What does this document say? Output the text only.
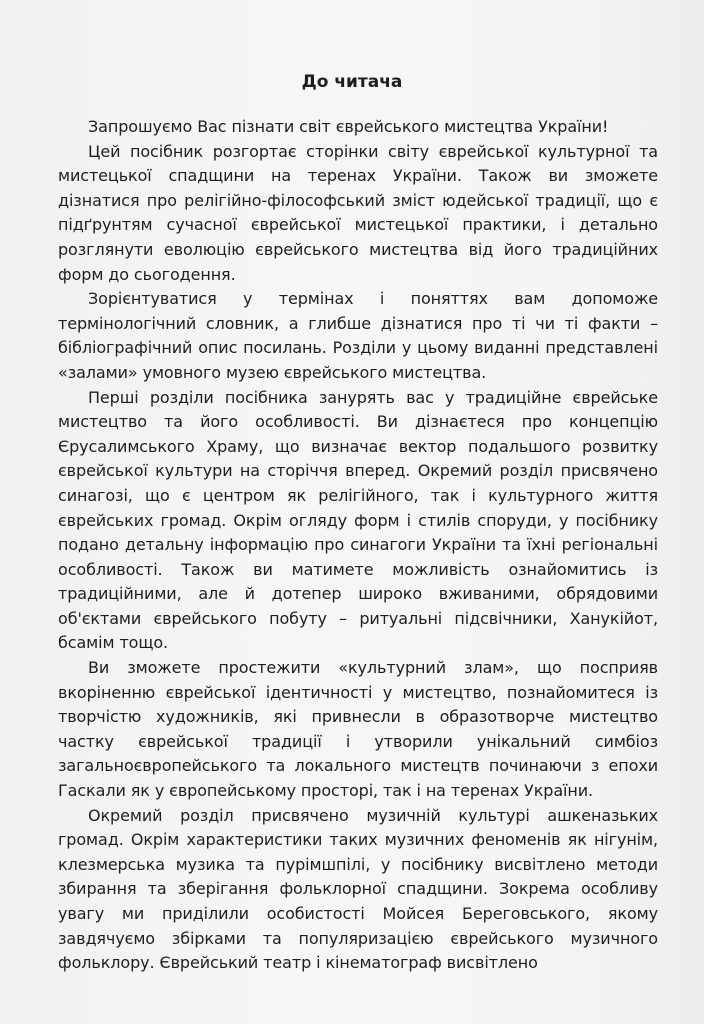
До читача

Запрошуємо Вас пізнати світ єврейського мистецтва України!

Цей посібник розгортає сторінки світу єврейської культурної та мистецької спадщини на теренах України. Також ви зможете дізнатися про релігійно-філософський зміст юдейської традиції, що є підґрунтям сучасної єврейської мистецької практики, і детально розглянути еволюцію єврейського мистецтва від його традиційних форм до сьогодення.

Зорієнтуватися у термінах і поняттях вам допоможе термінологічний словник, а глибше дізнатися про ті чи ті факти – бібліографічний опис посилань. Розділи у цьому виданні представлені «залами» умовного музею єврейського мистецтва.

Перші розділи посібника занурять вас у традиційне єврейське мистецтво та його особливості. Ви дізнаєтеся про концепцію Єрусалимського Храму, що визначає вектор подальшого розвитку єврейської культури на сторіччя вперед. Окремий розділ присвячено синагозі, що є центром як релігійного, так і культурного життя єврейських громад. Окрім огляду форм і стилів споруди, у посібнику подано детальну інформацію про синагоги України та їхні регіональні особливості. Також ви матимете можливість ознайомитись із традиційними, але й дотепер широко вживаними, обрядовими об'єктами єврейського побуту – ритуальні підсвічники, Ханукійот, бсамім тощо.

Ви зможете простежити «культурний злам», що посприяв вкоріненню єврейської ідентичності у мистецтво, познайомитеся із творчістю художників, які привнесли в образотворче мистецтво частку єврейської традиції і утворили унікальний симбіоз загальноєвропейського та локального мистецтв починаючи з епохи Гаскали як у європейському просторі, так і на теренах України.

Окремий розділ присвячено музичній культурі ашкеназьких громад. Окрім характеристики таких музичних феноменів як нігунім, клезмерська музика та пурімшпілі, у посібнику висвітлено методи збирання та зберігання фольклорної спадщини. Зокрема особливу увагу ми приділили особистості Мойсея Береговського, якому завдячуємо збірками та популяризацією єврейського музичного фольклору. Єврейський театр і кінематограф висвітлено
